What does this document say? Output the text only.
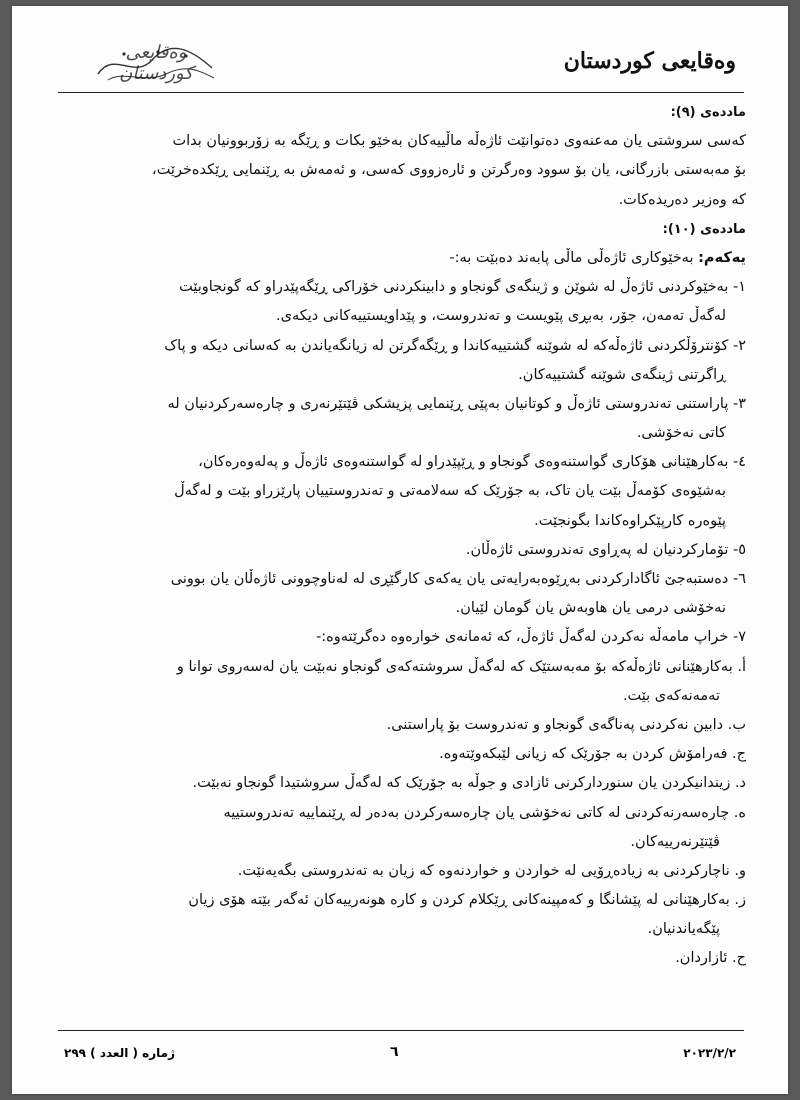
وەقایعی کوردستان
وەقایعی کوردستان
ماددەی (٩):
کەسی سروشتی یان مەعنەوی دەتوانێت ئاژەڵە ماڵییەکان بەخێو بکات و ڕێگە بە زۆربوونیان بدات
بۆ مەبەستی بازرگانی، یان بۆ سوود وەرگرتن و ئارەزووی کەسی، و ئەمەش بە ڕێنمایی ڕێکدەخرێت،
کە وەزیر دەریدەکات.
ماددەی (١٠):
یەکەم: بەخێوکاری ئاژەڵی ماڵی پابەند دەبێت بە:-
١- بەخێوکردنی ئاژەڵ لە شوێن و ژینگەی گونجاو و دابینکردنی خۆراکی ڕێگەپێدراو کە گونجاوبێت
لەگەڵ تەمەن، جۆر، بەبڕی پێویست و تەندروست، و پێداویستییەکانی دیکەی.
٢- کۆنترۆڵکردنی ئاژەڵەکە لە شوێنە گشتییەکاندا و ڕێگەگرتن لە زیانگەیاندن بە کەسانی دیکە و پاک
ڕاگرتنی ژینگەی شوێنە گشتییەکان.
٣- پاراستنی تەندروستی ئاژەڵ و کوتانیان بەپێی ڕێنمایی پزیشکی ڤێتێرنەری و چارەسەرکردنیان لە
کاتی نەخۆشی.
٤- بەکارهێنانی هۆکاری گواستنەوەی گونجاو و ڕێپێدراو لە گواستنەوەی ئاژەڵ و پەلەوەرەکان،
بەشێوەی کۆمەڵ بێت یان تاک، بە جۆرێک کە سەلامەتی و تەندروستییان پارێزراو بێت و لەگەڵ
پێوەرە کارپێکراوەکاندا بگونجێت.
٥- تۆمارکردنیان لە پەڕاوی تەندروستی ئاژەڵان.
٦- دەستبەجێ ئاگادارکردنی بەڕێوەبەرایەتی یان یەکەی کارگێڕی لە لەناوچوونی ئاژەڵان یان بوونی
نەخۆشی درمی یان هاوبەش یان گومان لێیان.
٧- خراپ مامەڵە نەکردن لەگەڵ ئاژەڵ، کە ئەمانەی خوارەوە دەگرێتەوە:-
أ. بەکارهێنانی ئاژەڵەکە بۆ مەبەستێک کە لەگەڵ سروشتەکەی گونجاو نەبێت یان لەسەروی توانا و
تەمەنەکەی بێت.
ب. دابین نەکردنی پەناگەی گونجاو و تەندروست بۆ پاراستنی.
ج. فەرامۆش کردن بە جۆرێک کە زیانی لێبکەوێتەوە.
د. زیندانیکردن یان سنوردارکرنی ئازادی و جوڵە بە جۆرێک کە لەگەڵ سروشتیدا گونجاو نەبێت.
ه. چارەسەرنەکردنی لە کاتی نەخۆشی یان چارەسەرکردن بەدەر لە ڕێنماییە تەندروستییە
ڤێتێرنەرییەکان.
و. ناچارکردنی بە زیادەڕۆیی لە خواردن و خواردنەوە کە زیان بە تەندروستی بگەیەنێت.
ز. بەکارهێنانی لە پێشانگا و کەمپینەکانی ڕێکلام کردن و کارە هونەرییەکان ئەگەر بێتە هۆی زیان
پێگەیاندنیان.
ح. ئازاردان.
ژمارە ( العدد ) ٢٩٩	٦	٢٠٢٣/٢/٢
